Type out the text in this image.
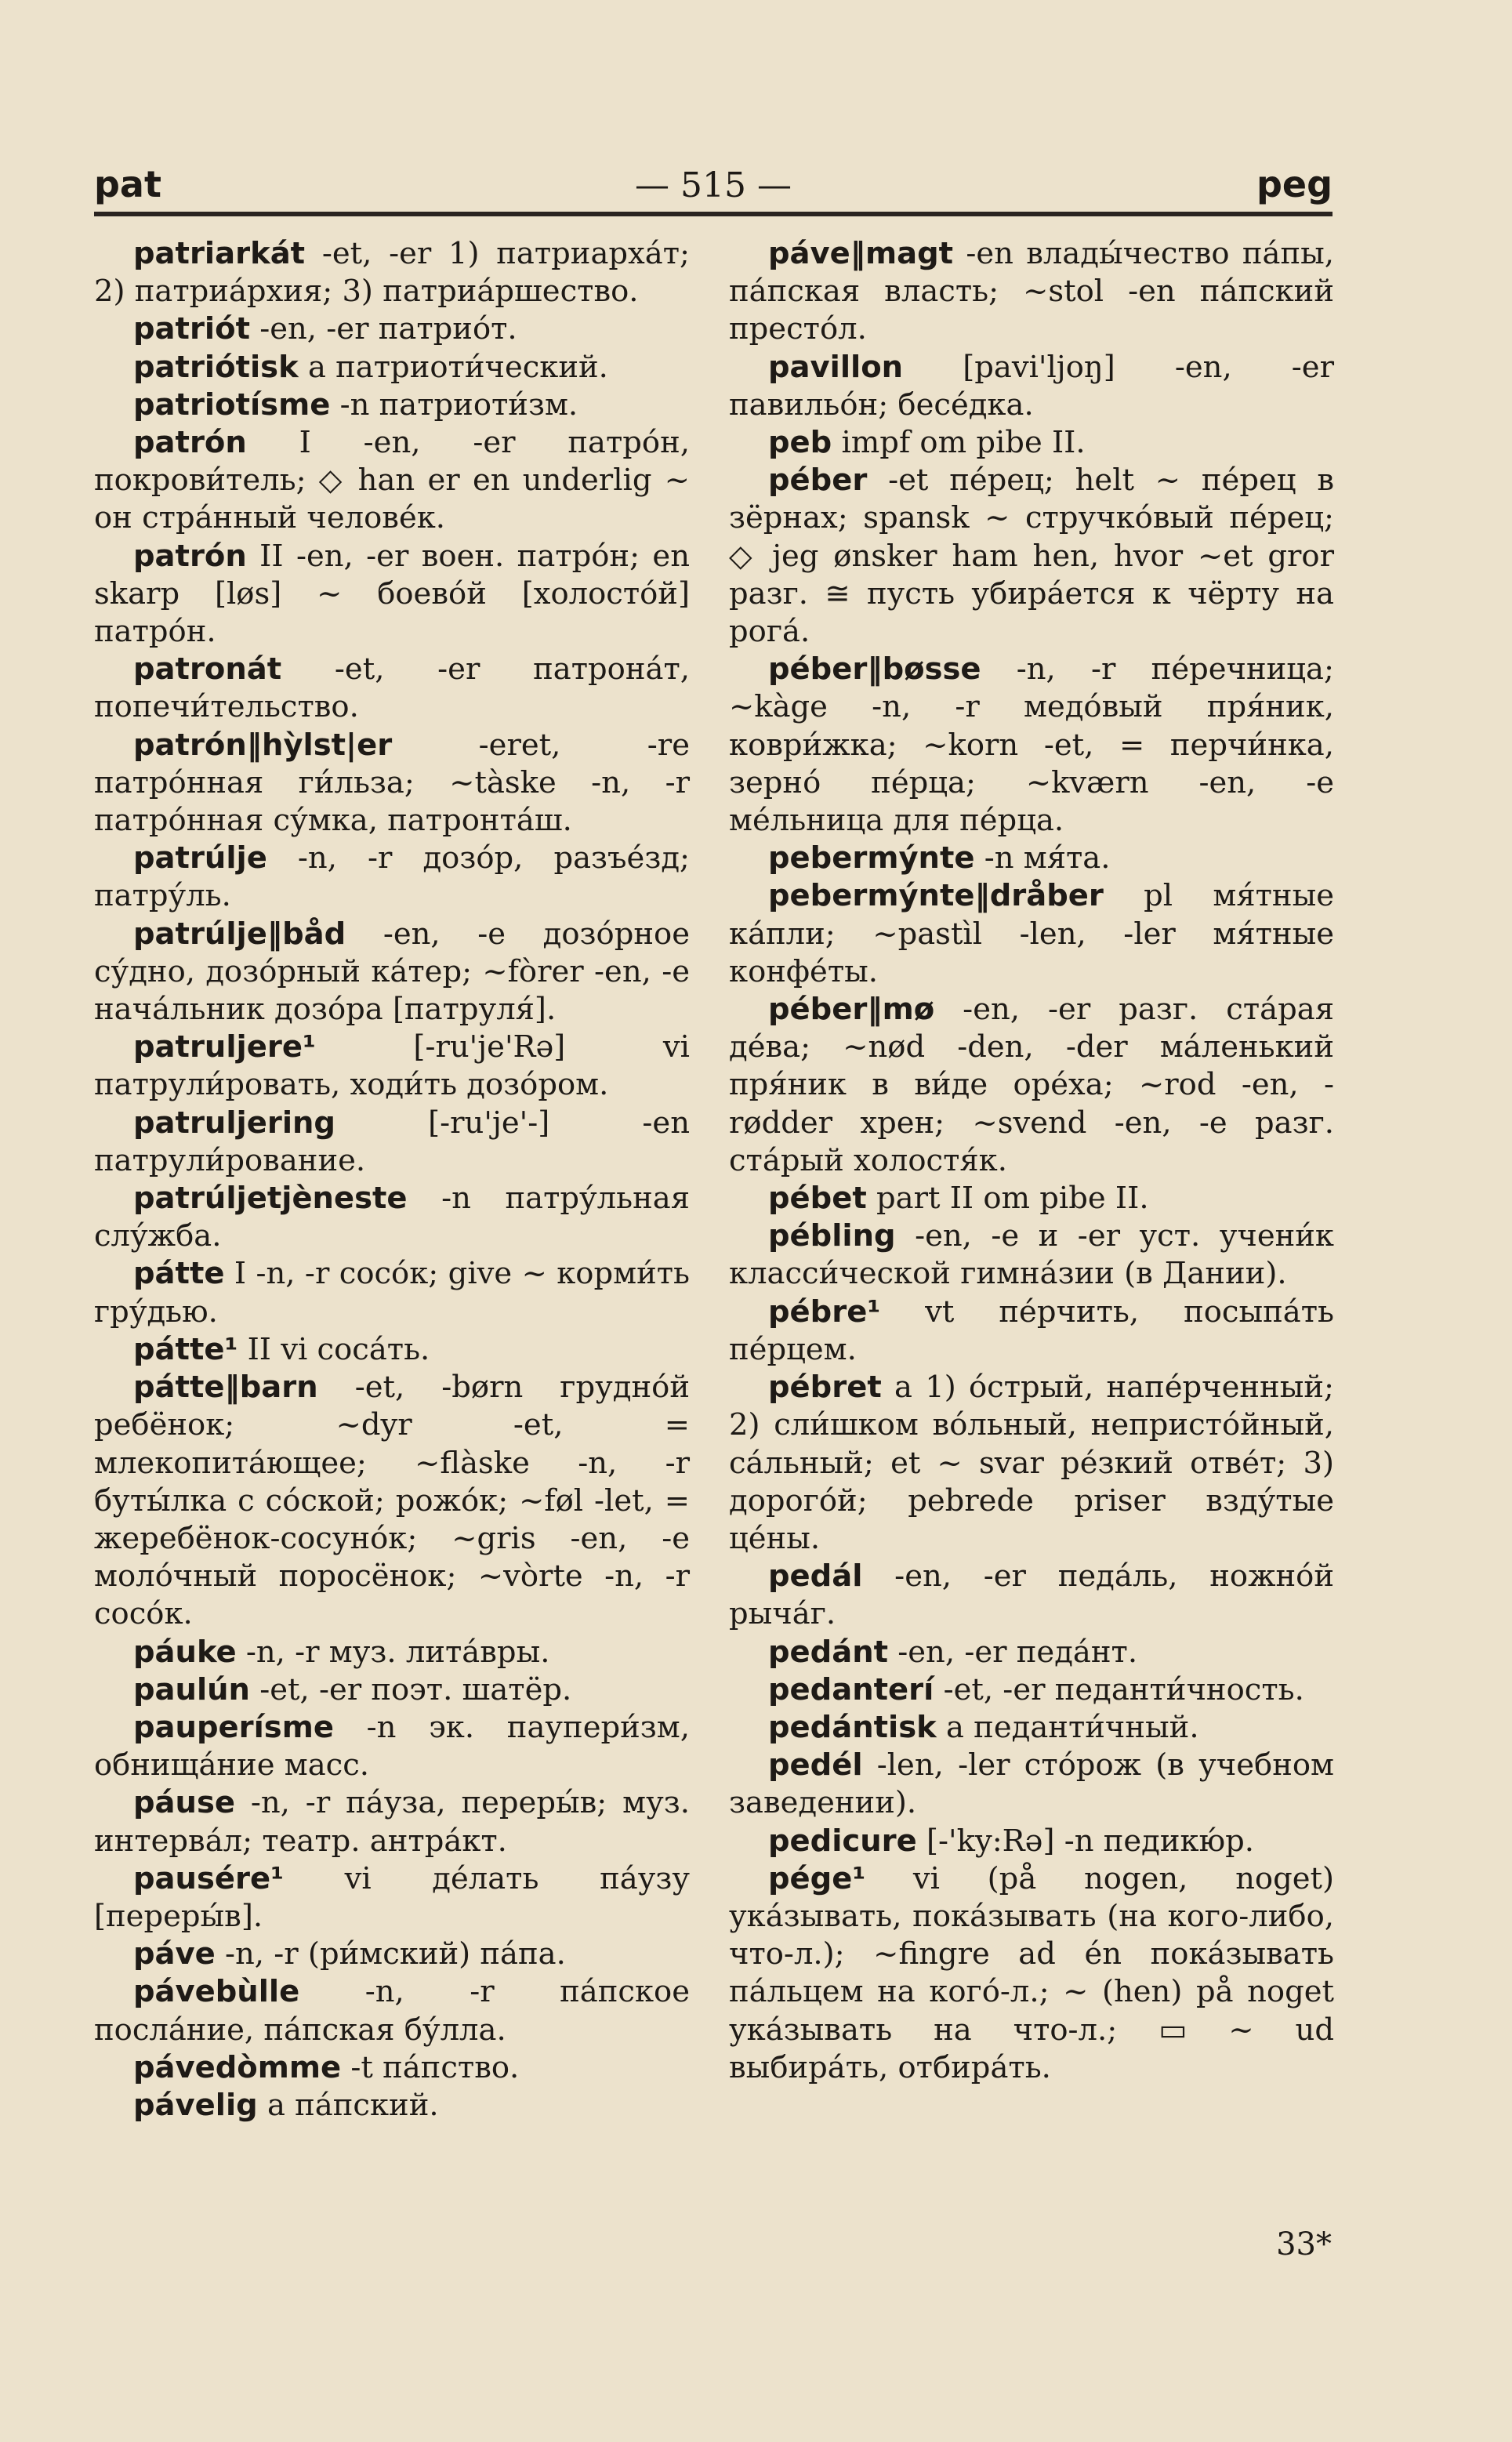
— 515 —
pat	peg

patriarkát -et, -er 1) патриарха́т; 2) патриа́рхия; 3) патриа́ршество.

patriót -en, -er патрио́т.

patriótisk a патриоти́ческий.

patriotísme -n патриоти́зм.

patrón I -en, -er патро́н, покрови́тель; ◇ han er en underlig ~ он стра́нный челове́к.

patrón II -en, -er воен. патро́н; en skarp [løs] ~ боево́й [холосто́й] патро́н.

patronát -et, -er патрона́т, попечи́тельство.

patrón‖hỳlst|er -eret, -re патро́нная ги́льза; ~tàske -n, -r патро́нная су́мка, патронта́ш.

patrúlje -n, -r дозо́р, разъе́зд; патру́ль.

patrúlje‖båd -en, -e дозо́рное су́дно, дозо́рный ка́тер; ~fòrer -en, -e нача́льник дозо́ра [патруля́].

patruljere¹ [-ru'je'Rə] vi патрули́ровать, ходи́ть дозо́ром.

patruljering [-ru'je'-] -en патрули́рование.

patrúljetjèneste -n патру́льная слу́жба.

pátte I -n, -r сосо́к; give ~ корми́ть гру́дью.

pátte¹ II vi соса́ть.

pátte‖barn -et, -børn грудно́й ребёнок; ~dyr -et, = млекопита́ющее; ~flàske -n, -r буты́лка с со́ской; рожо́к; ~føl -let, = жеребёнок-сосуно́к; ~gris -en, -e моло́чный поросёнок; ~vòrte -n, -r сосо́к.

páuke -n, -r муз. лита́вры.

paulún -et, -er поэт. шатёр.

pauperísme -n эк. паупери́зм, обнища́ние масс.

páuse -n, -r па́уза, переры́в; муз. интерва́л; театр. антра́кт.

pausére¹ vi де́лать па́узу [переры́в].

páve -n, -r (ри́мский) па́па.

pávebùlle -n, -r па́пское посла́ние, па́пская бу́лла.

pávedòmme -t па́пство.

pávelig a па́пский.

páve‖magt -en влады́чество па́пы, па́пская власть; ~stol -en па́пский престо́л.

pavillon [pavi'ljoŋ] -en, -er павильо́н; бесе́дка.

peb impf om pibe II.

péber -et пе́рец; helt ~ пе́рец в зёрнах; spansk ~ стручко́вый пе́рец; ◇ jeg ønsker ham hen, hvor ~et gror разг. ≅ пусть убира́ется к чёрту на рога́.

péber‖bøsse -n, -r пе́речница; ~kàge -n, -r медо́вый пря́ник, коври́жка; ~korn -et, = перчи́нка, зерно́ пе́рца; ~kværn -en, -e ме́льница для пе́рца.

pebermýnte -n мя́та.

pebermýnte‖dråber pl мя́тные ка́пли; ~pastìl -len, -ler мя́тные конфе́ты.

péber‖mø -en, -er разг. ста́рая де́ва; ~nød -den, -der ма́ленький пря́ник в ви́де оре́ха; ~rod -en, -rødder хрен; ~svend -en, -e разг. ста́рый холостя́к.

pébet part II om pibe II.

pébling -en, -e и -er уст. учени́к класси́ческой гимна́зии (в Дании).

pébre¹ vt пе́рчить, посыпа́ть пе́рцем.

pébret a 1) о́стрый, напе́рченный; 2) сли́шком во́льный, непристо́йный, са́льный; et ~ svar ре́зкий отве́т; 3) дорого́й; pebrede priser взду́тые це́ны.

pedál -en, -er педа́ль, ножно́й рыча́г.

pedánt -en, -er педа́нт.

pedanterí -et, -er педанти́чность.

pedántisk a педанти́чный.

pedél -len, -ler сто́рож (в учебном заведении).

pedicure [-'ky:Rə] -n педикю́р.

pége¹ vi (på nogen, noget) ука́зывать, пока́зывать (на кого-либо, что-л.); ~fingre ad én пока́зывать па́льцем на кого́-л.; ~ (hen) på noget ука́зывать на что-л.; ▭ ~ ud выбира́ть, отбира́ть.

33*
